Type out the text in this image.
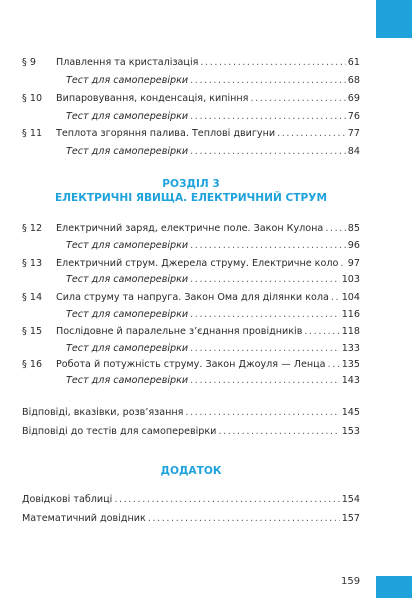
§ 9	Плавлення та кристалізація .....	61
Тест для самоперевірки .....	68
§ 10	Випаровування, конденсація, кипіння .....	69
Тест для самоперевірки .....	76
§ 11	Теплота згоряння палива. Теплові двигуни .....	77
Тест для самоперевірки .....	84
РОЗДІЛ 3
ЕЛЕКТРИЧНІ ЯВИЩА. ЕЛЕКТРИЧНИЙ СТРУМ
§ 12	Електричний заряд, електричне поле. Закон Кулона .....	85
Тест для самоперевірки .....	96
§ 13	Електричний струм. Джерела струму. Електричне коло ..... 97
Тест для самоперевірки .....	103
§ 14	Сила струму та напруга. Закон Ома для ділянки кола ..... 104
Тест для самоперевірки .....	116
§ 15	Послідовне й паралельне з’єднання провідників .....	118
Тест для самоперевірки .....	133
§ 16	Робота й потужність струму. Закон Джоуля — Ленца ..... 135
Тест для самоперевірки .....	143
Відповіді, вказівки, розв’язання .....	145
Відповіді до тестів для самоперевірки .....	153
ДОДАТОК
Довідкові таблиці .....	154
Математичний довідник .....	157
159
